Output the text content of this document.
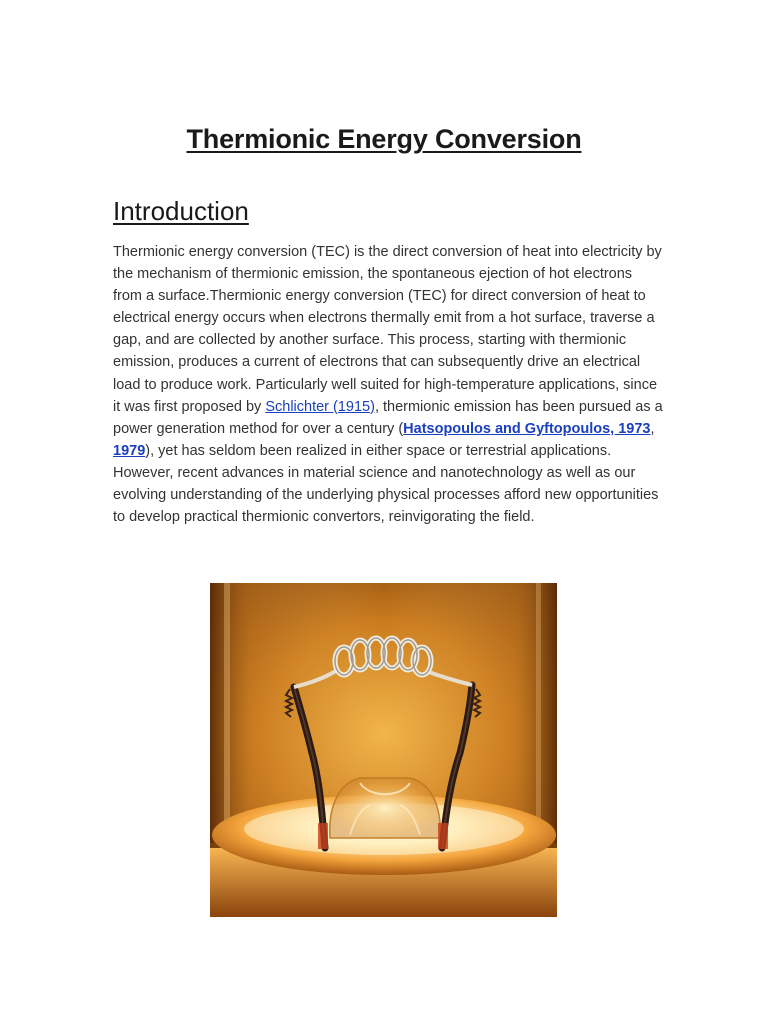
Thermionic Energy Conversion
Introduction

Thermionic energy conversion (TEC) is the direct conversion of heat into electricity by the mechanism of thermionic emission, the spontaneous ejection of hot electrons from a surface.Thermionic energy conversion (TEC) for direct conversion of heat to electrical energy occurs when electrons thermally emit from a hot surface, traverse a gap, and are collected by another surface. This process, starting with thermionic emission, produces a current of electrons that can subsequently drive an electrical load to produce work. Particularly well suited for high-temperature applications, since it was first proposed by Schlichter (1915), thermionic emission has been pursued as a power generation method for over a century (Hatsopoulos and Gyftopoulos, 1973, 1979), yet has seldom been realized in either space or terrestrial applications. However, recent advances in material science and nanotechnology as well as our evolving understanding of the underlying physical processes afford new opportunities to develop practical thermionic convertors, reinvigorating the field.
